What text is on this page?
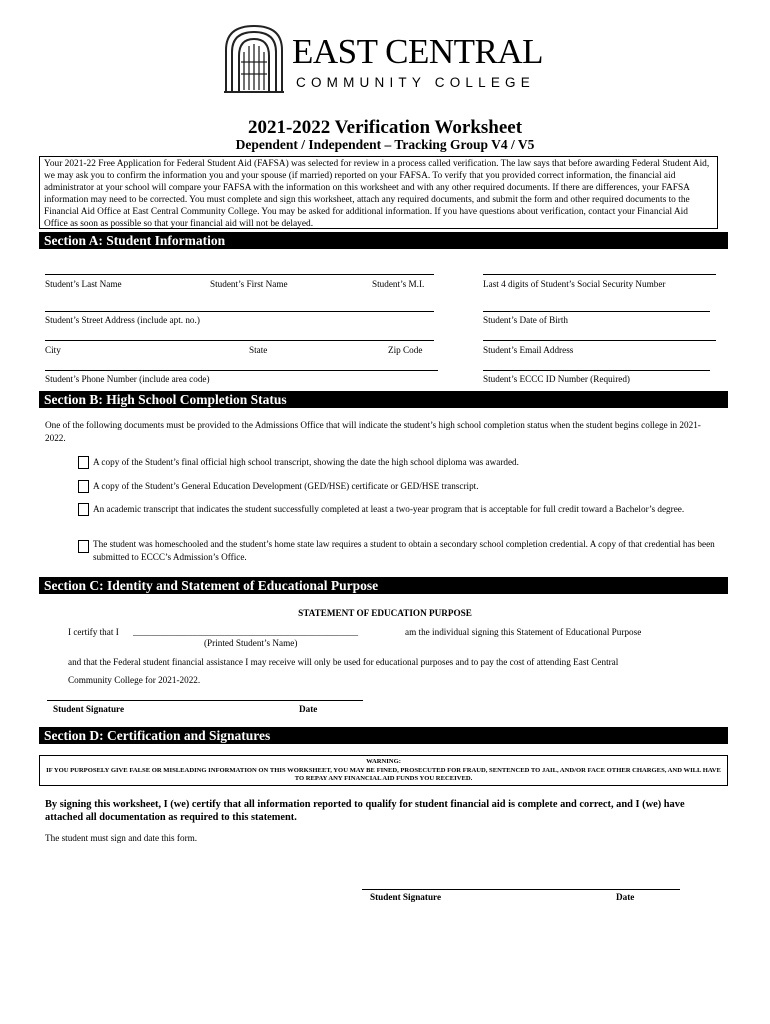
EAST CENTRAL
COMMUNITY COLLEGE
2021-2022 Verification Worksheet
Dependent / Independent – Tracking Group V4 / V5
Your 2021-22 Free Application for Federal Student Aid (FAFSA) was selected for review in a process called verification. The law says that before awarding Federal Student Aid, we may ask you to confirm the information you and your spouse (if married) reported on your FAFSA. To verify that you provided correct information, the financial aid administrator at your school will compare your FAFSA with the information on this worksheet and with any other required documents. If there are differences, your FAFSA information may need to be corrected. You must complete and sign this worksheet, attach any required documents, and submit the form and other required documents to the Financial Aid Office at East Central Community College. You may be asked for additional information. If you have questions about verification, contact your Financial Aid Office as soon as possible so that your financial aid will not be delayed.
Section A: Student Information
Student’s Last Name	Student’s First Name	Student’s M.I.	Last 4 digits of Student’s Social Security Number
Student’s Street Address (include apt. no.)	Student’s Date of Birth
City	State	Zip Code	Student’s Email Address
Student’s Phone Number (include area code)	Student’s ECCC ID Number (Required)
Section B: High School Completion Status
One of the following documents must be provided to the Admissions Office that will indicate the student’s high school completion status when the student begins college in 2021-2022.
A copy of the Student’s final official high school transcript, showing the date the high school diploma was awarded.
A copy of the Student’s General Education Development (GED/HSE) certificate or GED/HSE transcript.
An academic transcript that indicates the student successfully completed at least a two-year program that is acceptable for full credit toward a Bachelor’s degree.
The student was homeschooled and the student’s home state law requires a student to obtain a secondary school completion credential. A copy of that credential has been submitted to ECCC’s Admission’s Office.
Section C: Identity and Statement of Educational Purpose
STATEMENT OF EDUCATION PURPOSE
I certify that I _________________________________________________	am the individual signing this Statement of Educational Purpose
(Printed Student’s Name)
and that the Federal student financial assistance I may receive will only be used for educational purposes and to pay the cost of attending East Central
Community College for 2021-2022.
Student Signature	Date
Section D: Certification and Signatures
WARNING:
IF YOU PURPOSELY GIVE FALSE OR MISLEADING INFORMATION ON THIS WORKSHEET, YOU MAY BE FINED, PROSECUTED FOR FRAUD, SENTENCED TO JAIL, AND/OR FACE OTHER CHARGES, AND WILL HAVE TO REPAY ANY FINANCIAL AID FUNDS YOU RECEIVED.
By signing this worksheet, I (we) certify that all information reported to qualify for student financial aid is complete and correct, and I (we) have attached all documentation as required to this statement.
The student must sign and date this form.
Student Signature	Date
